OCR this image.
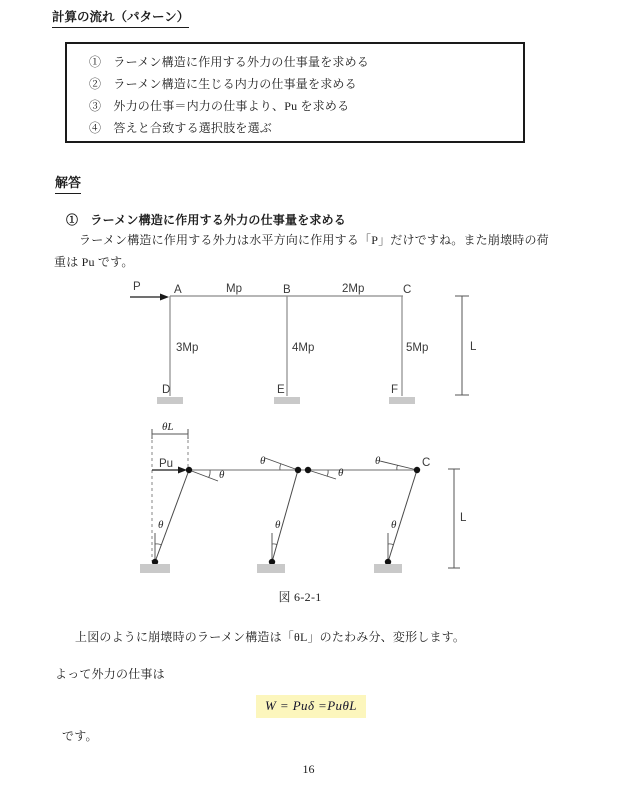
計算の流れ（パターン）
①　ラーメン構造に作用する外力の仕事量を求める
②　ラーメン構造に生じる内力の仕事量を求める
③　外力の仕事＝内力の仕事より、Pu を求める
④　答えと合致する選択肢を選ぶ
解答
①　ラーメン構造に作用する外力の仕事量を求める
ラーメン構造に作用する外力は水平方向に作用する「P」だけですね。また崩壊時の荷
重は Pu です。
P	A	Mp	B	2Mp	C
3Mp	4Mp	5Mp
D	E	F
L
θL
Pu
θ
θ
θ
θ
θ	θ	θ
C
L
図 6-2-1
上図のように崩壊時のラーメン構造は「θL」のたわみ分、変形します。
よって外力の仕事は
W = Puδ =PuθL
です。
16
